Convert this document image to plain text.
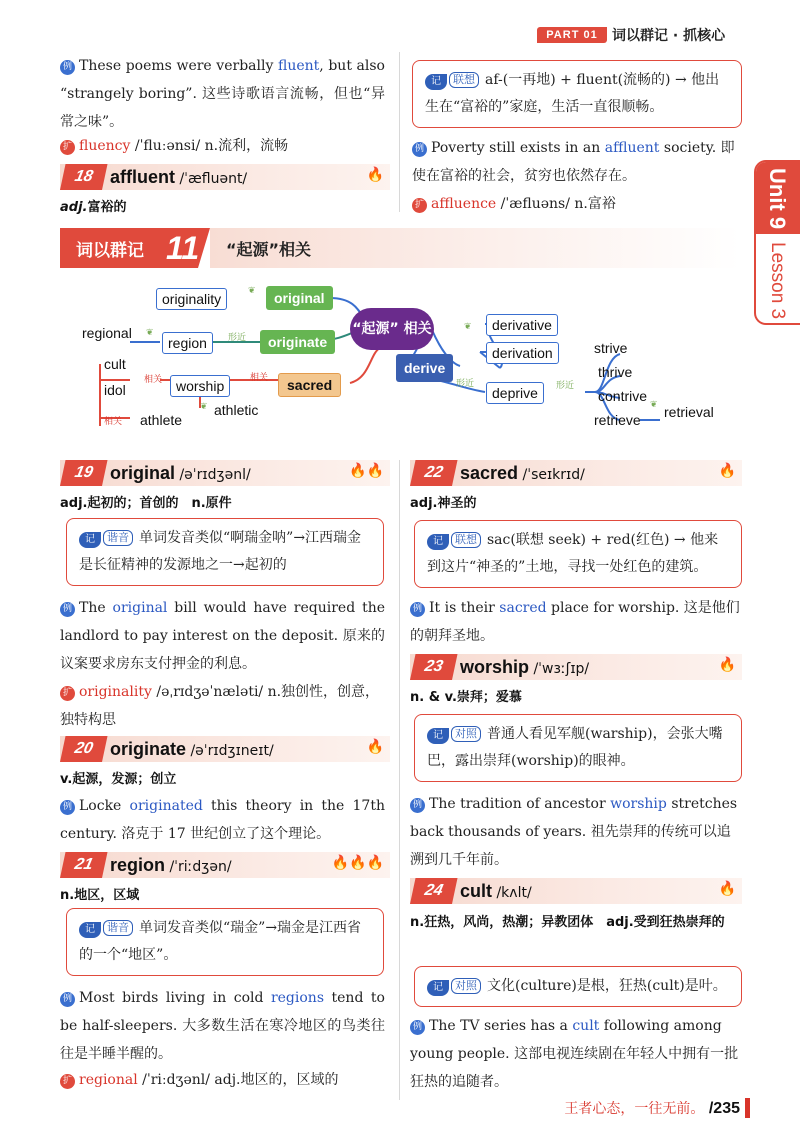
PART 01	词以群记 · 抓核心
Unit 9
Lesson 3
例 These poems were verbally fluent, but also “strangely boring”. 这些诗歌语言流畅，但也“异常之味”。
扩 fluency /ˈfluːənsi/ n.流利，流畅
18 affluent /ˈæfluənt/	🔥
adj.富裕的
记 联想 af-(一再地) + fluent(流畅的) → 他出生在“富裕的”家庭，生活一直很顺畅。
例 Poverty still exists in an affluent society. 即使在富裕的社会，贫穷也依然存在。
扩 affluence /ˈæfluəns/ n.富裕
词以群记 11 “起源”相关
originality	❦	original
regional ❦
region	形近	originate
cult
相关
idol	worship	相关	sacred
相关 athlete
❦ athletic
“起源” 相关
derive
❦	derivative
derivation
形近
deprive	形近
strive
thrive
contrive
retrieve
❦ retrieval
19 original /əˈrɪdʒənl/	🔥🔥
adj.起初的；首创的　n.原件
记 谐音 单词发音类似“啊瑞金呐”→江西瑞金是长征精神的发源地之一→起初的
例 The original bill would have required the landlord to pay interest on the deposit. 原来的议案要求房东支付押金的利息。
扩 originality /əˌrɪdʒəˈnæləti/ n.独创性，创意，独特构思
20 originate /əˈrɪdʒɪneɪt/	🔥
v.起源，发源；创立
例 Locke originated this theory in the 17th century. 洛克于 17 世纪创立了这个理论。
21 region /ˈriːdʒən/	🔥🔥🔥
n.地区，区域
记 谐音 单词发音类似“瑞金”→瑞金是江西省的一个“地区”。
例 Most birds living in cold regions tend to be half-sleepers. 大多数生活在寒冷地区的鸟类往往是半睡半醒的。
扩 regional /ˈriːdʒənl/ adj.地区的，区域的
22 sacred /ˈseɪkrɪd/	🔥
adj.神圣的
记 联想 sac(联想 seek) + red(红色) → 他来到这片“神圣的”土地，寻找一处红色的建筑。
例 It is their sacred place for worship. 这是他们的朝拜圣地。
23 worship /ˈwɜːʃɪp/	🔥
n. & v.崇拜；爱慕
记 对照 普通人看见军舰(warship)，会张大嘴巴，露出崇拜(worship)的眼神。
例 The tradition of ancestor worship stretches back thousands of years. 祖先崇拜的传统可以追溯到几千年前。
24 cult /kʌlt/	🔥
n.狂热，风尚，热潮；异教团体　adj.受到狂热崇拜的
记 对照 文化(culture)是根，狂热(cult)是叶。
例 The TV series has a cult following among young people. 这部电视连续剧在年轻人中拥有一批狂热的追随者。
王者心态，一往无前。 /235
